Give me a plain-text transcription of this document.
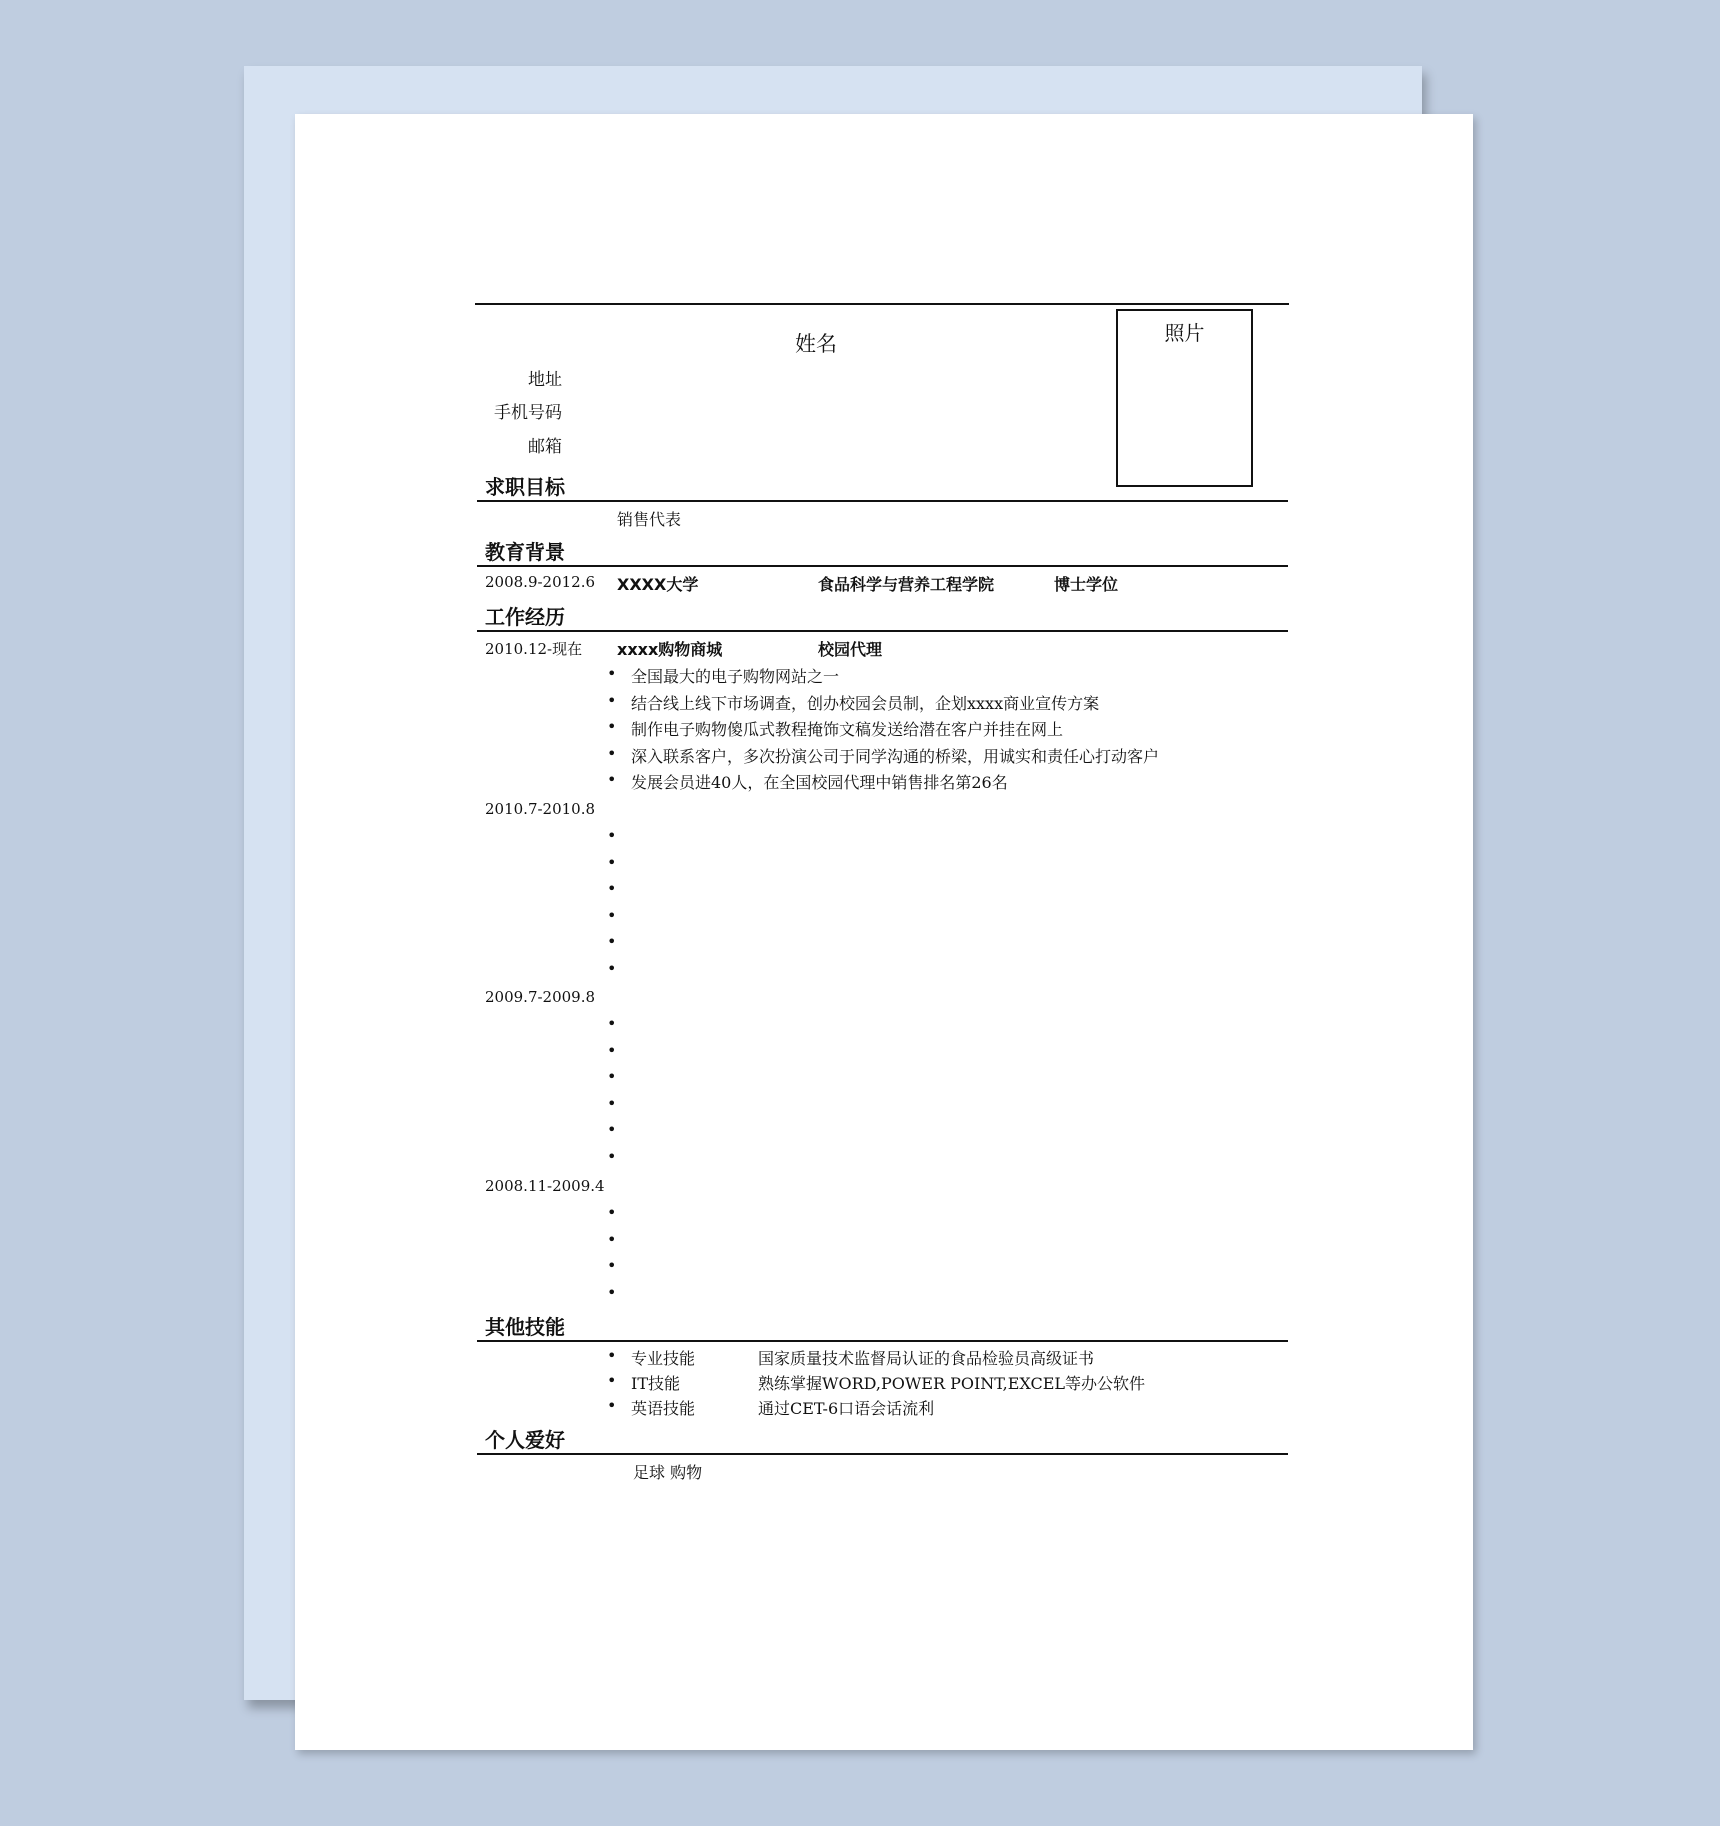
照片
姓名
地址
手机号码
邮箱
求职目标
销售代表
教育背景
2008.9-2012.6 XXXX大学	食品科学与营养工程学院	博士学位
工作经历
2010.12-现在 xxxx购物商城	校园代理
• 全国最大的电子购物网站之一
• 结合线上线下市场调查，创办校园会员制，企划xxxx商业宣传方案
• 制作电子购物傻瓜式教程掩饰文稿发送给潜在客户并挂在网上
• 深入联系客户，多次扮演公司于同学沟通的桥梁，用诚实和责任心打动客户
• 发展会员进40人，在全国校园代理中销售排名第26名
2010.7-2010.8
•
•
•
•
•
•
2009.7-2009.8
•
•
•
•
•
•
2008.11-2009.4
•
•
•
•
其他技能
• 专业技能	国家质量技术监督局认证的食品检验员高级证书
• IT技能	熟练掌握WORD,POWER POINT,EXCEL等办公软件
• 英语技能	通过CET-6口语会话流利
个人爱好
足球 购物
